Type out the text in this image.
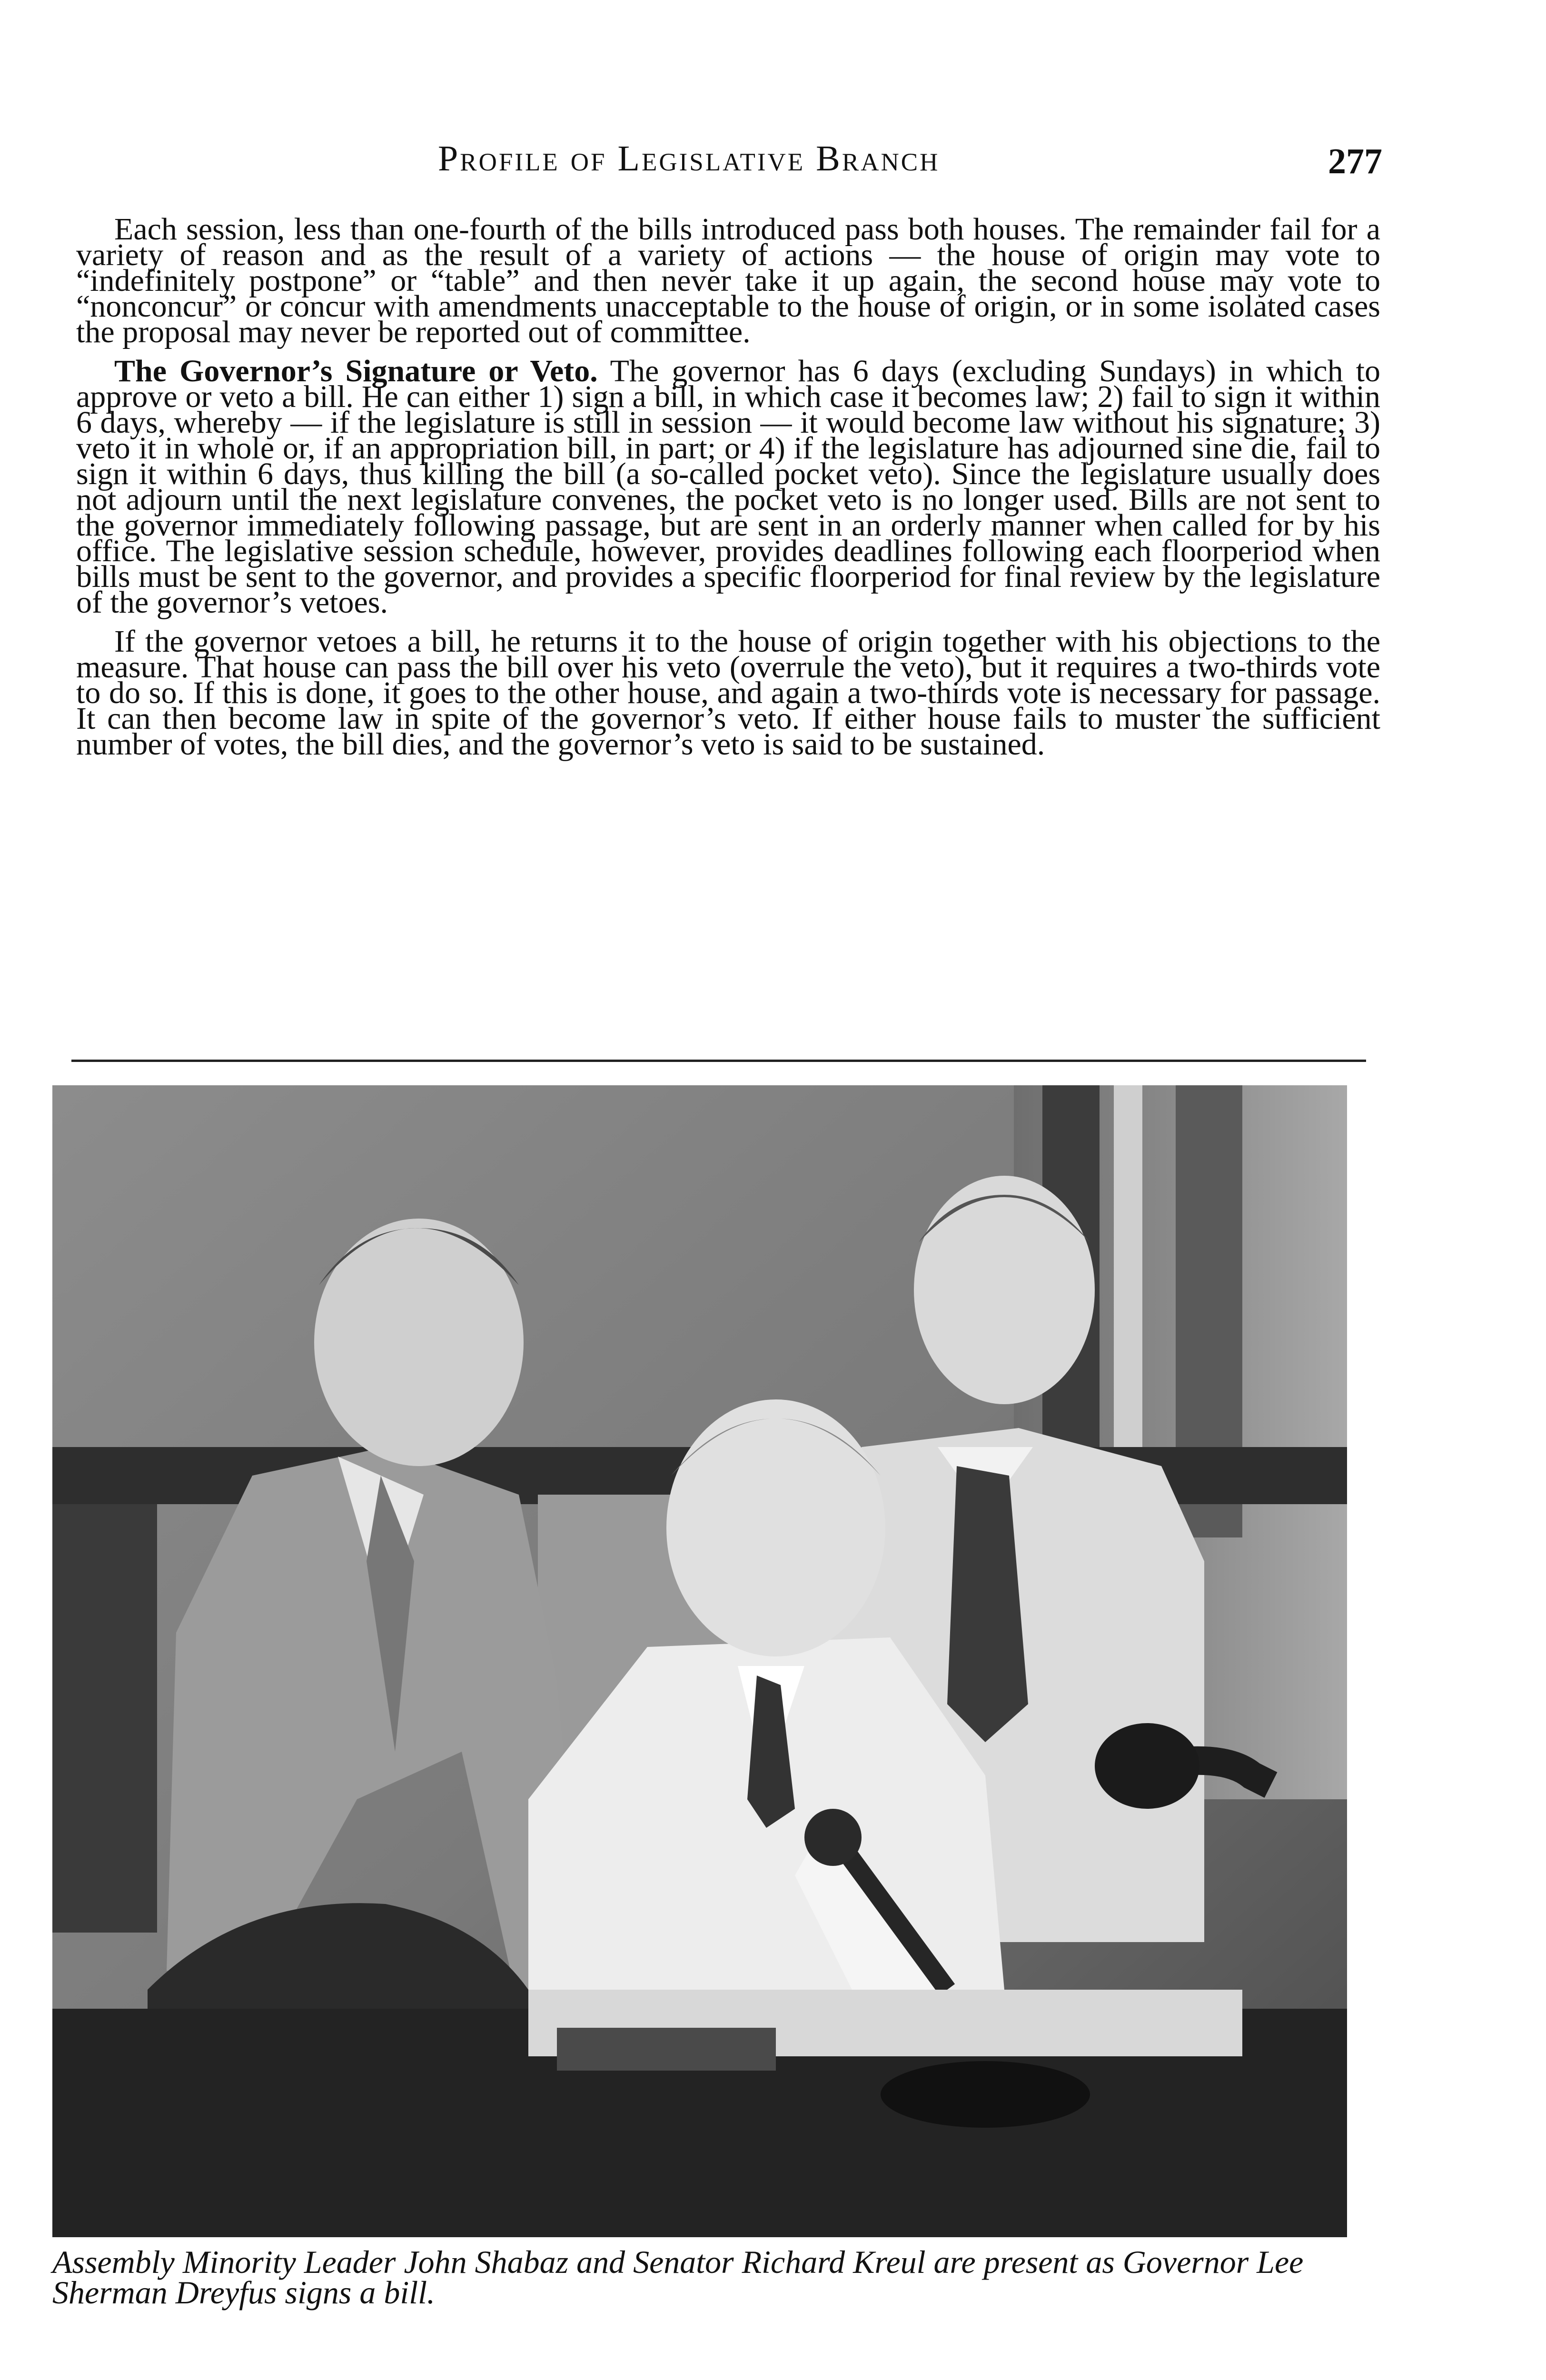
Profile of Legislative Branch	277

Each session, less than one-fourth of the bills introduced pass both houses. The remainder fail for a variety of reason and as the result of a variety of actions — the house of origin may vote to “indefinitely postpone” or “table” and then never take it up again, the second house may vote to “nonconcur” or concur with amendments unacceptable to the house of origin, or in some isolated cases the proposal may never be reported out of committee.

The Governor’s Signature or Veto. The governor has 6 days (excluding Sundays) in which to approve or veto a bill. He can either 1) sign a bill, in which case it becomes law; 2) fail to sign it within 6 days, whereby — if the legislature is still in session — it would become law without his signature; 3) veto it in whole or, if an appropriation bill, in part; or 4) if the legislature has adjourned sine die, fail to sign it within 6 days, thus killing the bill (a so-called pocket veto). Since the legislature usually does not adjourn until the next legislature convenes, the pocket veto is no longer used. Bills are not sent to the governor immediately following passage, but are sent in an orderly manner when called for by his office. The legislative session schedule, however, provides deadlines following each floorperiod when bills must be sent to the governor, and provides a specific floorperiod for final review by the legislature of the governor’s vetoes.

If the governor vetoes a bill, he returns it to the house of origin together with his objections to the measure. That house can pass the bill over his veto (overrule the veto), but it requires a two-thirds vote to do so. If this is done, it goes to the other house, and again a two-thirds vote is necessary for passage. It can then become law in spite of the governor’s veto. If either house fails to muster the sufficient number of votes, the bill dies, and the governor’s veto is said to be sustained.

Assembly Minority Leader John Shabaz and Senator Richard Kreul are present as Governor Lee Sherman Dreyfus signs a bill.
